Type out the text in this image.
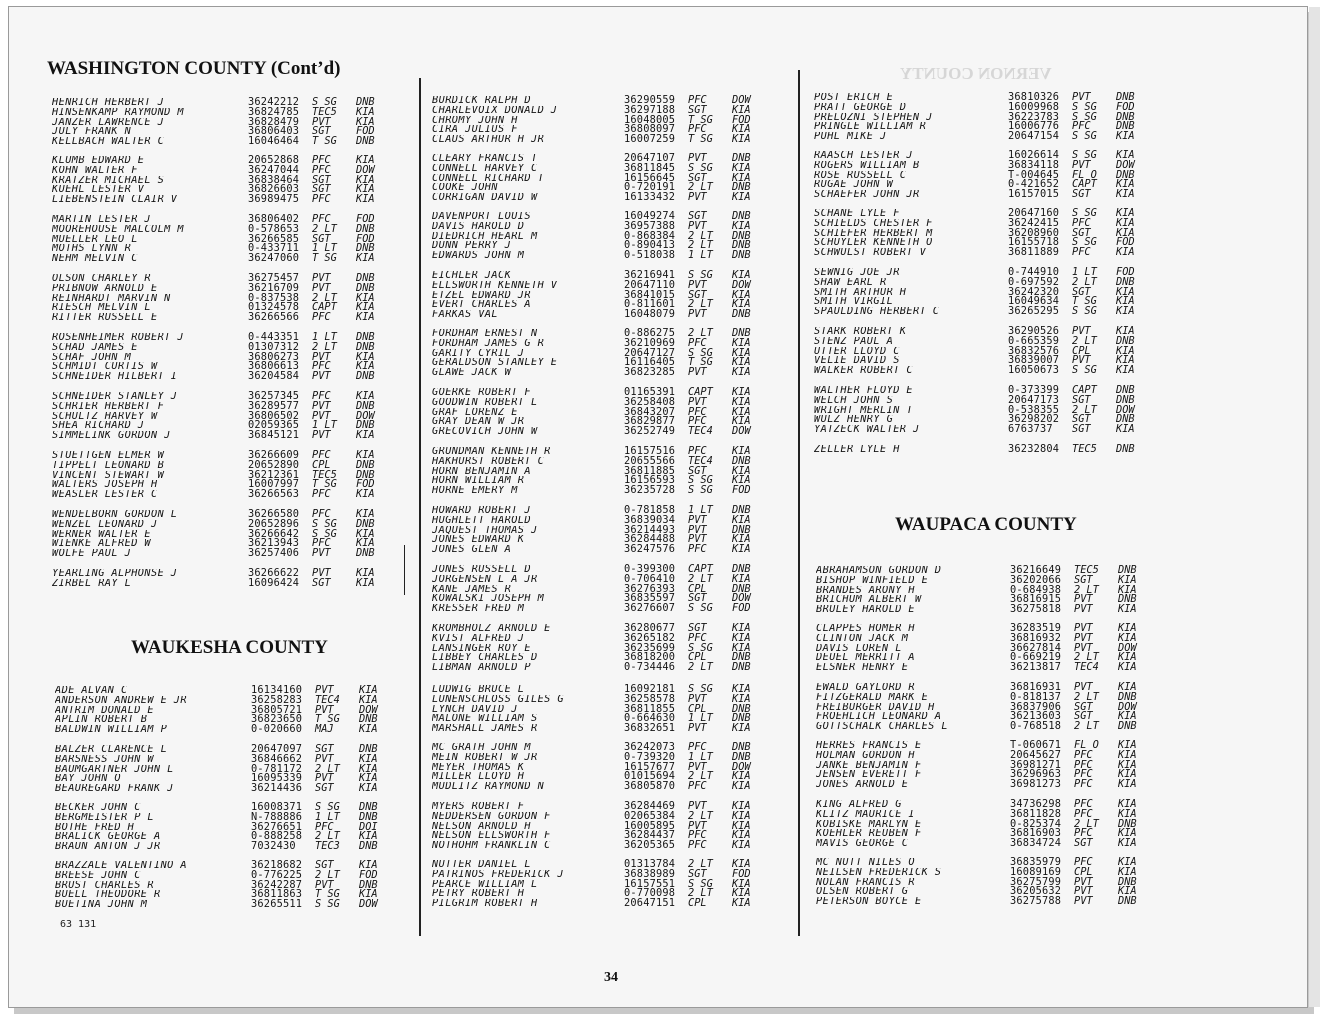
VERNON COUNTY
WASHINGTON COUNTY (Cont’d)
WAUKESHA COUNTY
WAUPACA COUNTY
HENRICH HERBERT J	36242212	S SG	DNB
HINSENKAMP RAYMOND M	36824785	TEC5	KIA
JANZER LAWRENCE J	36828479	PVT	KIA
JULY FRANK N	36806403	SGT	FOD
KELLBACH WALTER C	16046464	T SG	DNB
KLUMB EDWARD E	20652868	PFC	KIA
KOHN WALTER F	36247044	PFC	DOW
KRATZER MICHAEL S	36838464	SGT	KIA
KUEHL LESTER V	36826603	SGT	KIA
LIEBENSTEIN CLAIR V	36989475	PFC	KIA
MARTIN LESTER J	36806402	PFC	FOD
MOOREHOUSE MALCOLM M	0-578653	2 LT	DNB
MUELLER LEO L	36266585	SGT	FOD
MOTHS LYNN R	0-433711	1 LT	DNB
NEHM MELVIN C	36247060	T SG	KIA
OLSON CHARLEY R	36275457	PVT	DNB
PRIBNOW ARNOLD E	36216709	PVT	DNB
REINHARDT MARVIN N	0-837538	2 LT	KIA
RIESCH MELVIN L	01324578	CAPT	KIA
RITTER RUSSELL E	36266566	PFC	KIA
ROSENHEIMER ROBERT J	0-443351	1 LT	DNB
SCHAD JAMES E	01307312	2 LT	DNB
SCHAF JOHN M	36806273	PVT	KIA
SCHMIDT CURTIS W	36806613	PFC	KIA
SCHNEIDER HILBERT I	36204584	PVT	DNB
SCHNEIDER STANLEY J	36257345	PFC	KIA
SCHRIER HERBERT F	36289577	PVT	DNB
SCHULTZ HARVEY W	36806502	PVT	DOW
SHEA RICHARD J	02059365	1 LT	DNB
SIMMELINK GORDON J	36845121	PVT	KIA
STUETTGEN ELMER W	36266609	PFC	KIA
TIPPELT LEONARD B	20652890	CPL	DNB
VINCENT STEWART W	36212361	TEC5	DNB
WALTERS JOSEPH H	16007997	T SG	FOD
WEASLER LESTER C	36266563	PFC	KIA
WENDELBORN GORDON L	36266580	PFC	KIA
WENZEL LEONARD J	20652896	S SG	DNB
WERNER WALTER E	36266642	S SG	KIA
WIENKE ALFRED W	36213943	PFC	KIA
WOLFE PAUL J	36257406	PVT	DNB
YEARLING ALPHONSE J	36266622	PVT	KIA
ZIRBEL RAY L	16096424	SGT	KIA
ADE ALVAN C	16134160	PVT	KIA
ANDERSON ANDREW E JR	36258283	TEC4	KIA
ANTRIM DONALD E	36805721	PVT	DOW
APLIN ROBERT B	36823650	T SG	DNB
BALDWIN WILLIAM P	0-020660	MAJ	KIA
BALZER CLARENCE L	20647097	SGT	DNB
BARSNESS JOHN W	36846662	PVT	KIA
BAUMGARTNER JOHN L	0-781172	2 LT	KIA
BAY JOHN O	16095339	PVT	KIA
BEAUREGARD FRANK J	36214436	SGT	KIA
BECKER JOHN C	16008371	S SG	DNB
BERGMEISTER P L	N-788886	1 LT	DNB
BOTHE FRED H	36276651	PFC	DOI
BRALICK GEORGE A	0-888258	2 LT	KIA
BRAUN ANTON J JR	7032430	TEC3	DNB
BRAZZALE VALENTINO A	36218682	SGT	KIA
BREESE JOHN C	0-776225	2 LT	FOD
BRUST CHARLES R	36242287	PVT	DNB
BUELL THEODORE R	36811863	T SG	KIA
BUETINA JOHN M	36265511	S SG	DOW
BURDICK RALPH D	36290559	PFC	DOW
CHARLEVOIX DONALD J	36297188	SGT	KIA
CHROMY JOHN H	16048005	T SG	FOD
CIRA JULIUS F	36808097	PFC	KIA
CLAUS ARTHUR H JR	16007259	T SG	KIA
CLEARY FRANCIS T	20647107	PVT	DNB
CONNELL HARVEY C	36811845	S SG	KIA
CONNELL RICHARD T	16156645	SGT	KIA
COOKE JOHN	0-720191	2 LT	DNB
CORRIGAN DAVID W	16133432	PVT	KIA
DAVENPORT LOUIS	16049274	SGT	DNB
DAVIS HAROLD D	36957388	PVT	KIA
DIEDRICH HEARL M	0-868384	2 LT	DNB
DUNN PERRY J	0-890413	2 LT	DNB
EDWARDS JOHN M	0-518038	1 LT	DNB
EICHLER JACK	36216941	S SG	KIA
ELLSWORTH KENNETH V	20647110	PVT	DOW
ETZEL EDWARD JR	36841015	SGT	KIA
EVERT CHARLES A	0-811601	2 LT	KIA
FARKAS VAL	16048079	PVT	DNB
FORDHAM ERNEST N	0-886275	2 LT	DNB
FORDHAM JAMES G R	36210969	PFC	KIA
GARITY CYRIL J	20647127	S SG	KIA
GERALDSON STANLEY E	16116405	T SG	KIA
GLAWE JACK W	36823285	PVT	KIA
GOERKE ROBERT F	01165391	CAPT	KIA
GOODWIN ROBERT L	36258408	PVT	KIA
GRAF LORENZ E	36843207	PFC	KIA
GRAY DEAN W JR	36829877	PFC	KIA
GRECOVICH JOHN W	36252749	TEC4	DOW
GRUNDMAN KENNETH R	16157516	PFC	KIA
HAKHURST ROBERT C	20655566	TEC4	DNB
HORN BENJAMIN A	36811885	SGT	KIA
HORN WILLIAM R	16156593	S SG	KIA
HORNE EMERY M	36235728	S SG	FOD
HOWARD ROBERT J	0-781858	1 LT	DNB
HUGHLETT HAROLD	36839034	PVT	KIA
JAQUEST THOMAS J	36214493	PVT	DNB
JONES EDWARD K	36284488	PVT	KIA
JONES GLEN A	36247576	PFC	KIA
JONES RUSSELL D	0-399300	CAPT	DNB
JORGENSEN L A JR	0-706410	2 LT	KIA
KANE JAMES R	36276393	CPL	DNB
KOWALSKI JOSEPH M	36835597	SGT	DOW
KRESSER FRED M	36276607	S SG	FOD
KROMBHOLZ ARNOLD E	36280677	SGT	KIA
KVIST ALFRED J	36265182	PFC	KIA
LANSINGER ROY E	36235699	S SG	KIA
LIBBEY CHARLES D	36818200	CPL	DNB
LIBMAN ARNOLD P	0-734446	2 LT	DNB
LUDWIG BRUCE L	16092181	S SG	KIA
LUNENSCHLOSS GILES G	36258578	PVT	KIA
LYNCH DAVID J	36811855	CPL	DNB
MALONE WILLIAM S	0-664630	1 LT	DNB
MARSHALL JAMES R	36832651	PVT	KIA
MC GRATH JOHN M	36242073	PFC	DNB
MEIN ROBERT W JR	0-739320	1 LT	DNB
MEYER THOMAS K	16157677	PVT	DOW
MILLER LLOYD H	01015694	2 LT	KIA
MUDLITZ RAYMOND N	36805870	PFC	KIA
MYERS ROBERT F	36284469	PVT	KIA
NEDDERSEN GORDON F	02065384	2 LT	KIA
NELSON ARNOLD H	16005895	PVT	KIA
NELSON ELLSWORTH F	36284437	PFC	KIA
NOTHOHM FRANKLIN C	36205365	PFC	KIA
NUTTER DANIEL L	01313784	2 LT	KIA
PATRINOS FREDERICK J	36838989	SGT	FOD
PEARCE WILLIAM L	16157551	S SG	KIA
PETRY ROBERT H	0-770098	2 LT	KIA
PILGRIM ROBERT H	20647151	CPL	KIA
POST ERICH E	36810326	PVT	DNB
PRATT GEORGE D	16009968	S SG	FOD
PRELOZNI STEPHEN J	36223783	S SG	DNB
PRINGLE WILLIAM R	16006776	PFC	DNB
PUHL MIKE J	20647154	S SG	KIA
RAASCH LESTER J	16026614	S SG	KIA
ROGERS WILLIAM B	36834118	PVT	DOW
ROSE RUSSELL C	T-004645	FL O	DNB
RUGAE JOHN W	0-421652	CAPT	KIA
SCHAEFER JOHN JR	16157015	SGT	KIA
SCHANE LYLE F	20647160	S SG	KIA
SCHIELDS CHESTER F	36242415	PFC	KIA
SCHIEFER HERBERT M	36208960	SGT	KIA
SCHUYLER KENNETH O	16155718	S SG	FOD
SCHWULST ROBERT V	36811889	PFC	KIA
SEWNIG JOE JR	0-744910	1 LT	FOD
SHAW EARL R	0-697592	2 LT	DNB
SMITH ARTHUR H	36242320	SGT	KIA
SMITH VIRGIL	16049634	T SG	KIA
SPAULDING HERBERT C	36265295	S SG	KIA
STARK ROBERT K	36290526	PVT	KIA
STENZ PAUL A	0-665359	2 LT	DNB
UTTER LLOYD C	36832576	CPL	KIA
VELIE DAVID S	36839007	PVT	KIA
WALKER ROBERT C	16050673	S SG	KIA
WALTHER FLOYD E	0-373399	CAPT	DNB
WELCH JOHN S	20647173	SGT	DNB
WRIGHT MERLIN T	0-538355	2 LT	DOW
WULZ HENRY G	36298202	SGT	DNB
YATZECK WALTER J	6763737	SGT	KIA
ZELLER LYLE H	36232804	TEC5	DNB
ABRAHAMSON GORDON D	36216649	TEC5	DNB
BISHOP WINFIELD E	36202066	SGT	KIA
BRANDES ARONY H	0-684938	2 LT	KIA
BRICHUM ALBERT W	36816915	PVT	DNB
BRULEY HAROLD E	36275818	PVT	KIA
CLAPPES HOMER H	36283519	PVT	KIA
CLINTON JACK M	36816932	PVT	KIA
DAVIS LOREN L	36627814	PVT	DOW
DEUEL MERRITT A	0-669219	2 LT	KIA
ELSNER HENRY E	36213817	TEC4	KIA
EWALD GAYLORD R	36816931	PVT	KIA
FITZGERALD MARK E	0-818137	2 LT	DNB
FREIBURGER DAVID H	36837906	SGT	DOW
FROEHLICH LEONARD A	36213603	SGT	KIA
GOTTSCHALK CHARLES L	0-768518	2 LT	DNB
HERRES FRANCIS E	T-060671	FL O	KIA
HOLMAN GORDON H	20645627	PFC	KIA
JANKE BENJAMIN F	36981271	PFC	KIA
JENSEN EVERETT F	36296963	PFC	KIA
JONES ARNOLD E	36981273	PFC	KIA
KING ALFRED G	34736298	PFC	KIA
KLITZ MAURICE I	36811828	PFC	KIA
KOBISKE MARLYN E	0-825374	2 LT	DNB
KOEHLER REUBEN F	36816903	PFC	KIA
MAVIS GEORGE C	36834724	SGT	KIA
MC NUTT NILES O	36835979	PFC	KIA
NEILSEN FREDERICK S	16089169	CPL	KIA
NOLAN FRANCIS R	36275799	PVT	DNB
OLSEN ROBERT G	36205632	PVT	KIA
PETERSON BOYCE E	36275788	PVT	DNB
63 131
34
